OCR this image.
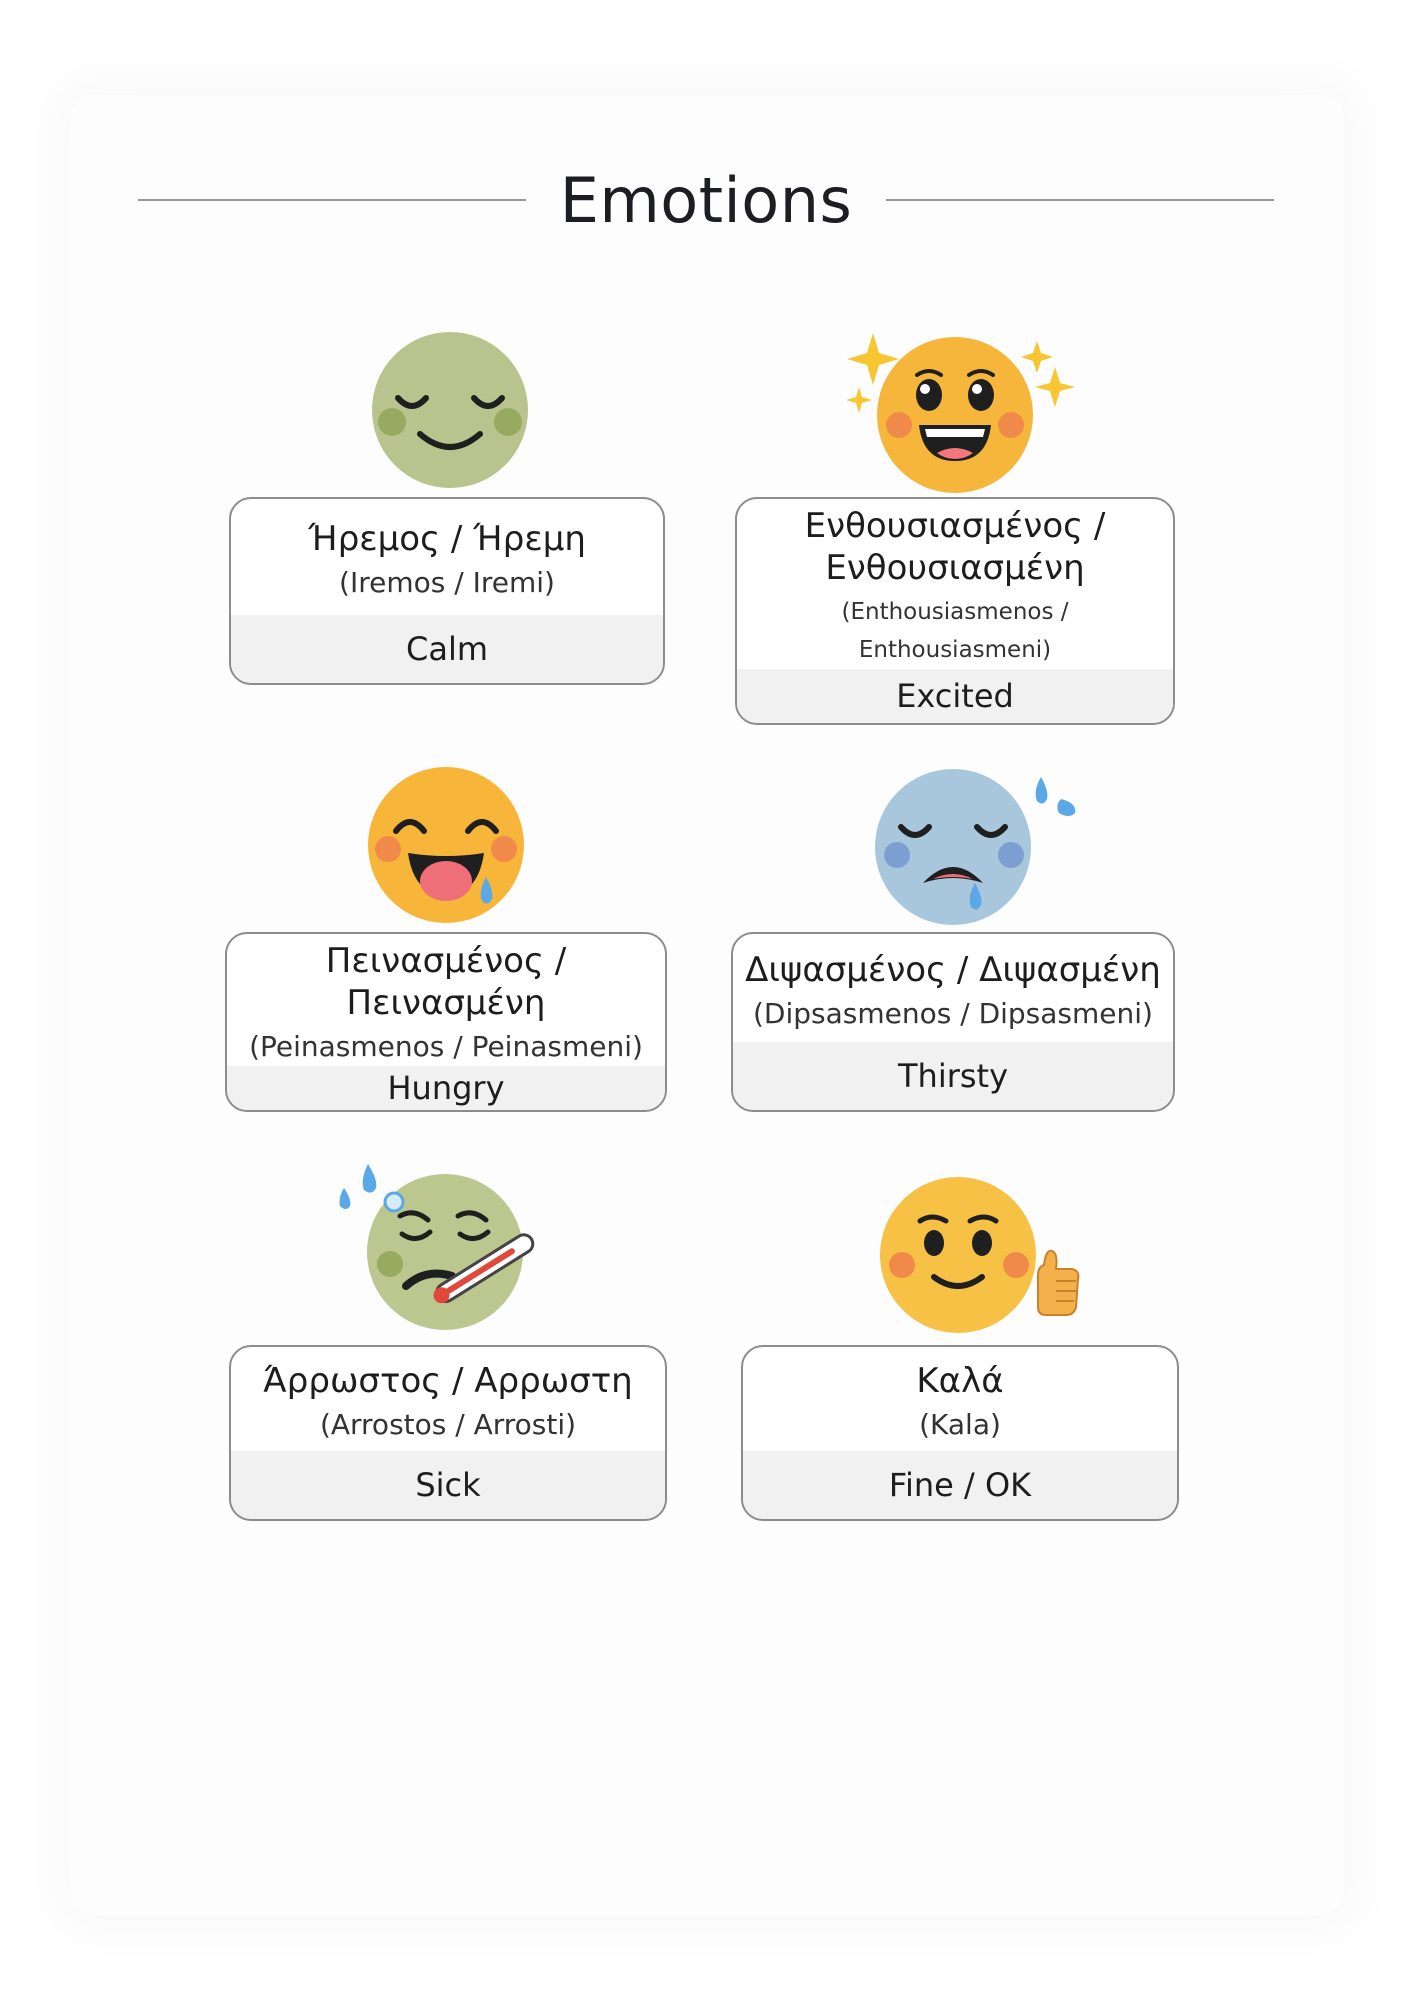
Emotions
Ήρεμος / Ήρεμη
(Iremos / Iremi)
Calm
Ενθουσιασμένος /
Ενθουσιασμένη
(Enthousiasmenos / Enthousiasmeni)
Excited
Πεινασμένος / Πεινασμένη
(Peinasmenos / Peinasmeni)
Hungry
Διψασμένος / Διψασμένη
(Dipsasmenos / Dipsasmeni)
Thirsty
Άρρωστος / Αρρωστη
(Arrostos / Arrosti)
Sick
Καλά
(Kala)
Fine / OK
